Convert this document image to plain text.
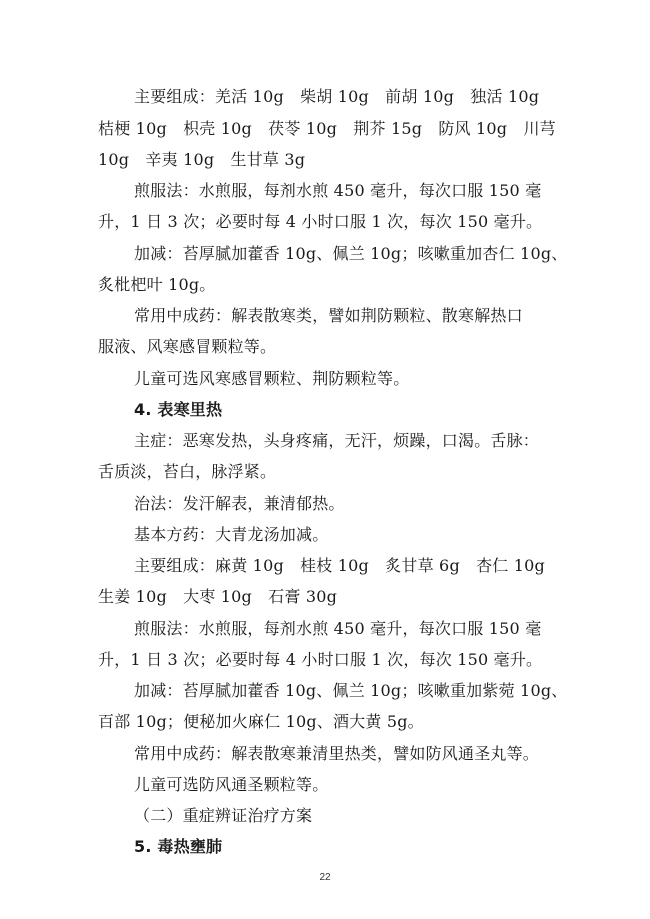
主要组成：羌活 10g　柴胡 10g　前胡 10g　独活 10g
桔梗 10g　枳壳 10g　茯苓 10g　荆芥 15g　防风 10g　川芎
10g　辛夷 10g　生甘草 3g
煎服法：水煎服，每剂水煎 450 毫升，每次口服 150 毫
升，1 日 3 次；必要时每 4 小时口服 1 次，每次 150 毫升。
加减：苔厚腻加藿香 10g、佩兰 10g；咳嗽重加杏仁 10g、
炙枇杷叶 10g。
常用中成药：解表散寒类，譬如荆防颗粒、散寒解热口
服液、风寒感冒颗粒等。
儿童可选风寒感冒颗粒、荆防颗粒等。
4. 表寒里热
主症：恶寒发热，头身疼痛，无汗，烦躁，口渴。舌脉：
舌质淡，苔白，脉浮紧。
治法：发汗解表，兼清郁热。
基本方药：大青龙汤加减。
主要组成：麻黄 10g　桂枝 10g　炙甘草 6g　杏仁 10g
生姜 10g　大枣 10g　石膏 30g
煎服法：水煎服，每剂水煎 450 毫升，每次口服 150 毫
升，1 日 3 次；必要时每 4 小时口服 1 次，每次 150 毫升。
加减：苔厚腻加藿香 10g、佩兰 10g；咳嗽重加紫菀 10g、
百部 10g；便秘加火麻仁 10g、酒大黄 5g。
常用中成药：解表散寒兼清里热类，譬如防风通圣丸等。
儿童可选防风通圣颗粒等。
（二）重症辨证治疗方案
5. 毒热壅肺
22
